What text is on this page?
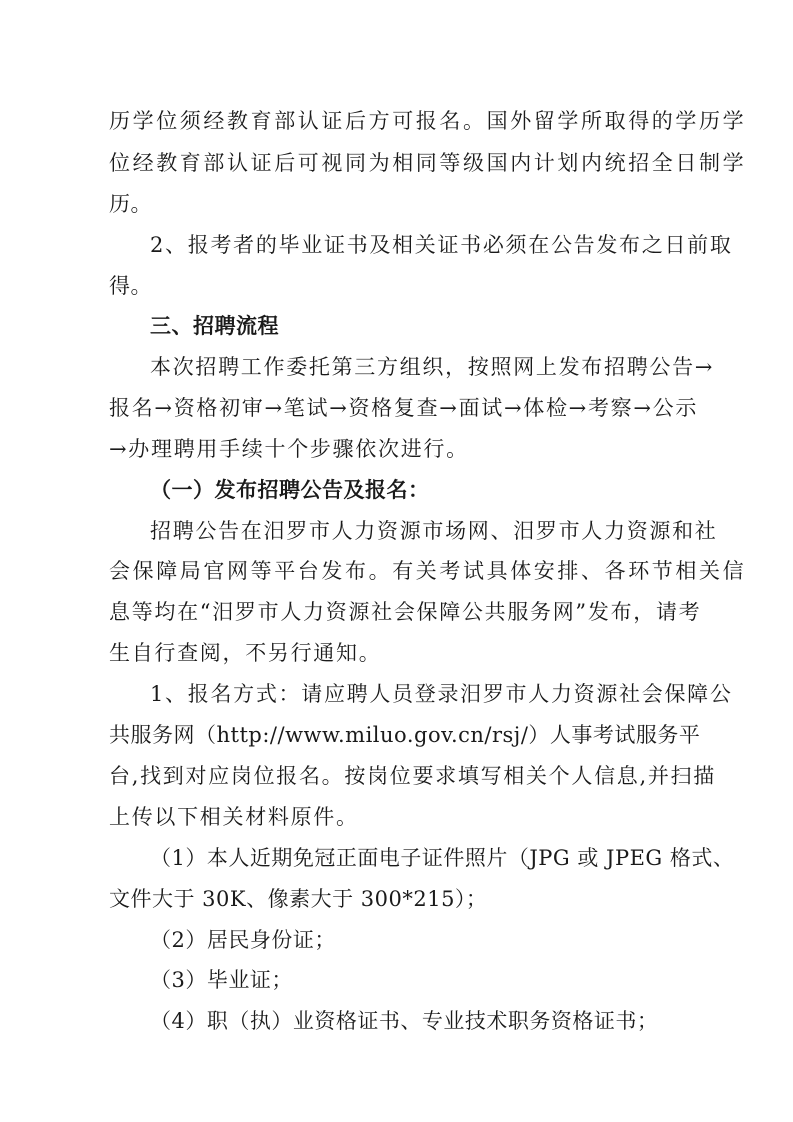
历学位须经教育部认证后方可报名。国外留学所取得的学历学
位经教育部认证后可视同为相同等级国内计划内统招全日制学
历。
2、报考者的毕业证书及相关证书必须在公告发布之日前取
得。
三、招聘流程
本次招聘工作委托第三方组织，按照网上发布招聘公告→
报名→资格初审→笔试→资格复查→面试→体检→考察→公示
→办理聘用手续十个步骤依次进行。
（一）发布招聘公告及报名：
招聘公告在汨罗市人力资源市场网、汨罗市人力资源和社
会保障局官网等平台发布。有关考试具体安排、各环节相关信
息等均在“汨罗市人力资源社会保障公共服务网”发布，请考
生自行查阅，不另行通知。
1、报名方式：请应聘人员登录汨罗市人力资源社会保障公
共服务网（http://www.miluo.gov.cn/rsj/）人事考试服务平
台,找到对应岗位报名。按岗位要求填写相关个人信息,并扫描
上传以下相关材料原件。
（1）本人近期免冠正面电子证件照片（JPG 或 JPEG 格式、
文件大于 30K、像素大于 300*215）；
（2）居民身份证；
（3）毕业证；
（4）职（执）业资格证书、专业技术职务资格证书；
